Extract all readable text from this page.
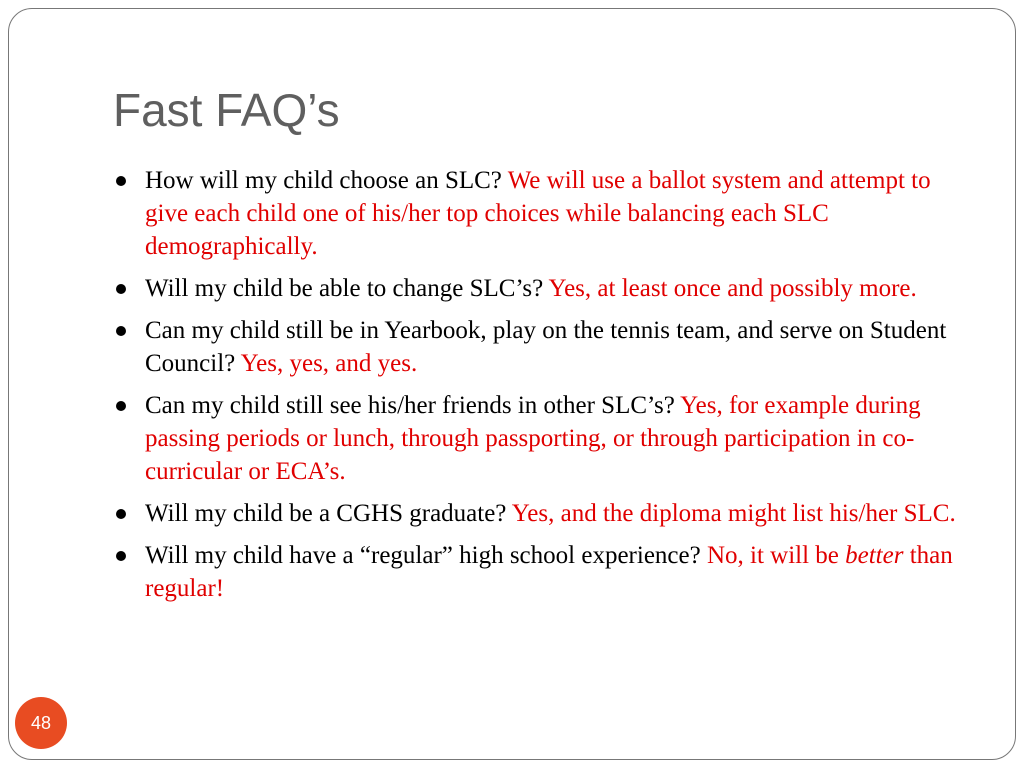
Fast FAQ’s
How will my child choose an SLC? We will use a ballot system and attempt to give each child one of his/her top choices while balancing each SLC demographically.
Will my child be able to change SLC’s? Yes, at least once and possibly more.
Can my child still be in Yearbook, play on the tennis team, and serve on Student Council? Yes, yes, and yes.
Can my child still see his/her friends in other SLC’s? Yes, for example during passing periods or lunch, through passporting, or through participation in co-curricular or ECA’s.
Will my child be a CGHS graduate? Yes, and the diploma might list his/her SLC.
Will my child have a “regular” high school experience? No, it will be better than regular!
48
